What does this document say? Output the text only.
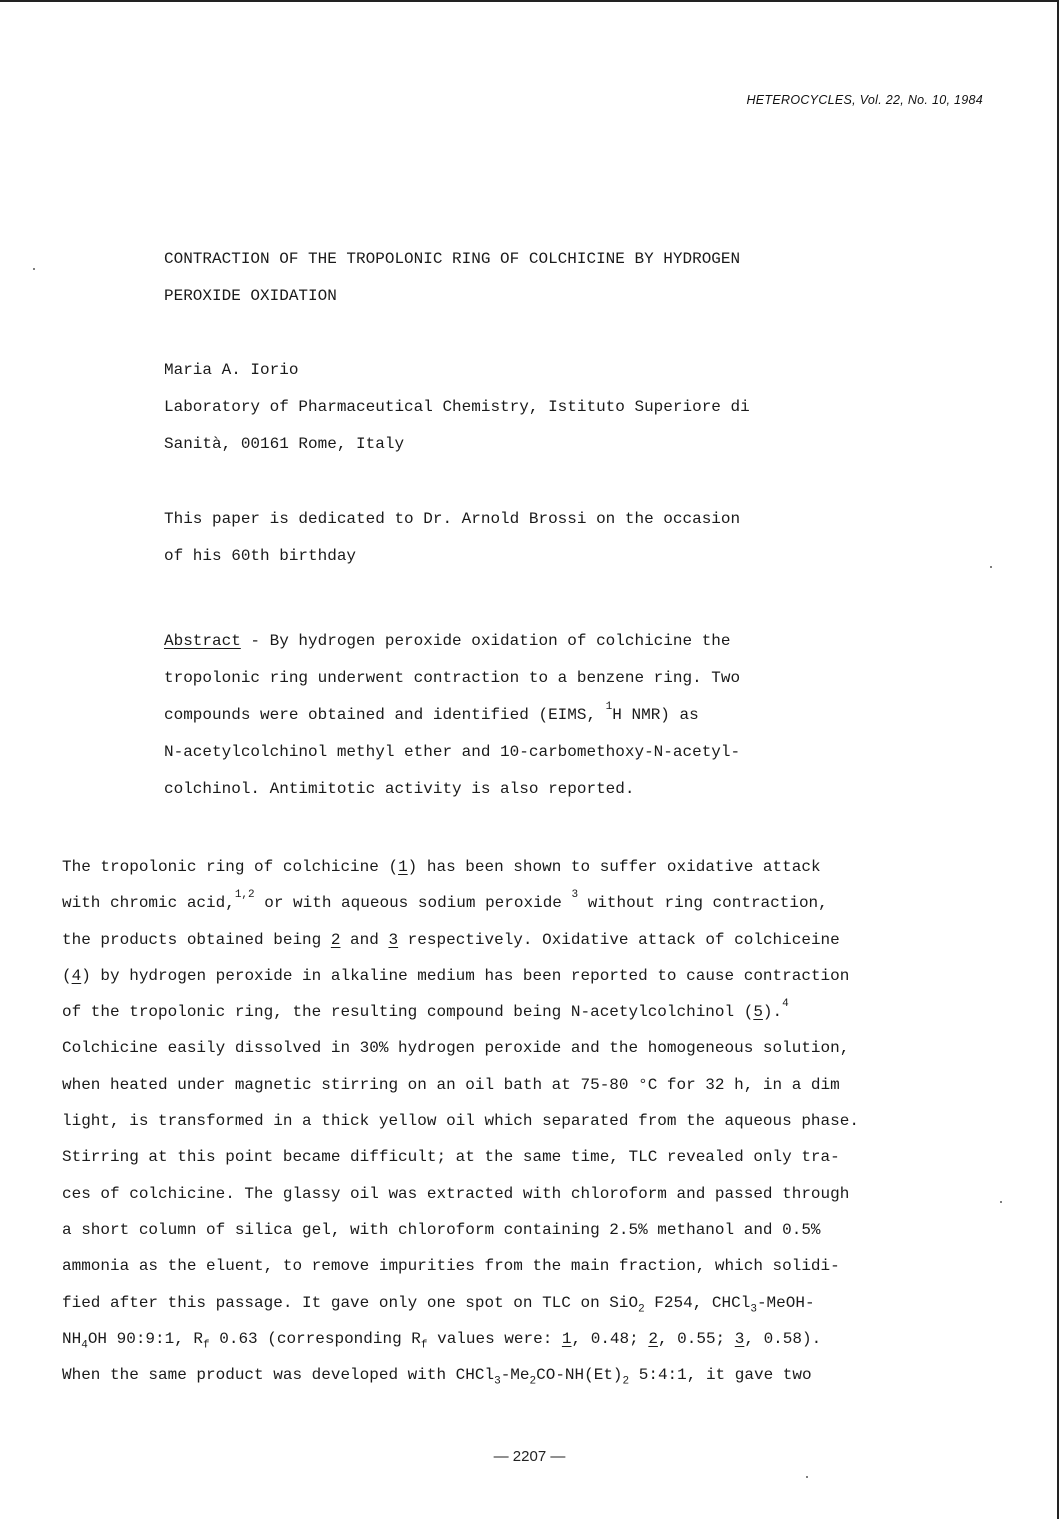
HETEROCYCLES, Vol. 22, No. 10, 1984
CONTRACTION OF THE TROPOLONIC RING OF COLCHICINE BY HYDROGEN
PEROXIDE OXIDATION
Maria A. Iorio
Laboratory of Pharmaceutical Chemistry, Istituto Superiore di
Sanità, 00161 Rome, Italy
This paper is dedicated to Dr. Arnold Brossi on the occasion
of his 60th birthday
Abstract - By hydrogen peroxide oxidation of colchicine the
tropolonic ring underwent contraction to a benzene ring. Two
compounds were obtained and identified (EIMS, $^1$H NMR) as
N-acetylcolchinol methyl ether and 10-carbomethoxy-N-acetyl-
colchinol. Antimitotic activity is also reported.
The tropolonic ring of colchicine (1) has been shown to suffer oxidative attack
with chromic acid,$^{1,2}$ or with aqueous sodium peroxide $^3$ without ring contraction,
the products obtained being 2 and 3 respectively. Oxidative attack of colchiceine
(4) by hydrogen peroxide in alkaline medium has been reported to cause contraction
of the tropolonic ring, the resulting compound being N-acetylcolchinol (5).$^4$
Colchicine easily dissolved in 30% hydrogen peroxide and the homogeneous solution,
when heated under magnetic stirring on an oil bath at 75-80 °C for 32 h, in a dim
light, is transformed in a thick yellow oil which separated from the aqueous phase.
Stirring at this point became difficult; at the same time, TLC revealed only tra-
ces of colchicine. The glassy oil was extracted with chloroform and passed through
a short column of silica gel, with chloroform containing 2.5% methanol and 0.5%
ammonia as the eluent, to remove impurities from the main fraction, which solidi-
fied after this passage. It gave only one spot on TLC on SiO$_2$ F254, CHCl$_3$-MeOH-
$NH_4OH$ 90:9:1, $R_f$ 0.63 (corresponding $R_f$ values were: 1, 0.48; 2, 0.55; 3, 0.58).
When the same product was developed with $CHCl_3-Me_2CO-NH(Et)_2$ 5:4:1, it gave two
— 2207 —
